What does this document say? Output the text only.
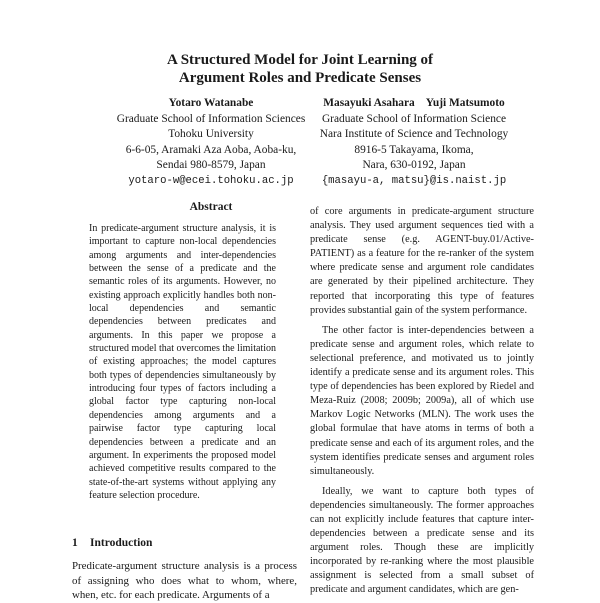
A Structured Model for Joint Learning of
Argument Roles and Predicate Senses
Yotaro Watanabe
Graduate School of Information Sciences
Tohoku University
6-6-05, Aramaki Aza Aoba, Aoba-ku,
Sendai 980-8579, Japan
yotaro-w@ecei.tohoku.ac.jp
Masayuki Asahara    Yuji Matsumoto
Graduate School of Information Science
Nara Institute of Science and Technology
8916-5 Takayama, Ikoma,
Nara, 630-0192, Japan
{masayu-a, matsu}@is.naist.jp
Abstract
In predicate-argument structure analysis, it is important to capture non-local dependencies among arguments and inter-dependencies between the sense of a predicate and the semantic roles of its arguments. However, no existing approach explicitly handles both non-local dependencies and semantic dependencies between predicates and arguments. In this paper we propose a structured model that overcomes the limitation of existing approaches; the model captures both types of dependencies simultaneously by introducing four types of factors including a global factor type capturing non-local dependencies among arguments and a pairwise factor type capturing local dependencies between a predicate and an argument. In experiments the proposed model achieved competitive results compared to the state-of-the-art systems without applying any feature selection procedure.
1 Introduction
Predicate-argument structure analysis is a process of assigning who does what to whom, where, when, etc. for each predicate. Arguments of a

of core arguments in predicate-argument structure analysis. They used argument sequences tied with a predicate sense (e.g. AGENT-buy.01/Active-PATIENT) as a feature for the re-ranker of the system where predicate sense and argument role candidates are generated by their pipelined architecture. They reported that incorporating this type of features provides substantial gain of the system performance.

The other factor is inter-dependencies between a predicate sense and argument roles, which relate to selectional preference, and motivated us to jointly identify a predicate sense and its argument roles. This type of dependencies has been explored by Riedel and Meza-Ruiz (2008; 2009b; 2009a), all of which use Markov Logic Networks (MLN). The work uses the global formulae that have atoms in terms of both a predicate sense and each of its argument roles, and the system identifies predicate senses and argument roles simultaneously.

Ideally, we want to capture both types of dependencies simultaneously. The former approaches can not explicitly include features that capture inter-dependencies between a predicate sense and its argument roles. Though these are implicitly incorporated by re-ranking where the most plausible assignment is selected from a small subset of predicate and argument candidates, which are gen-
